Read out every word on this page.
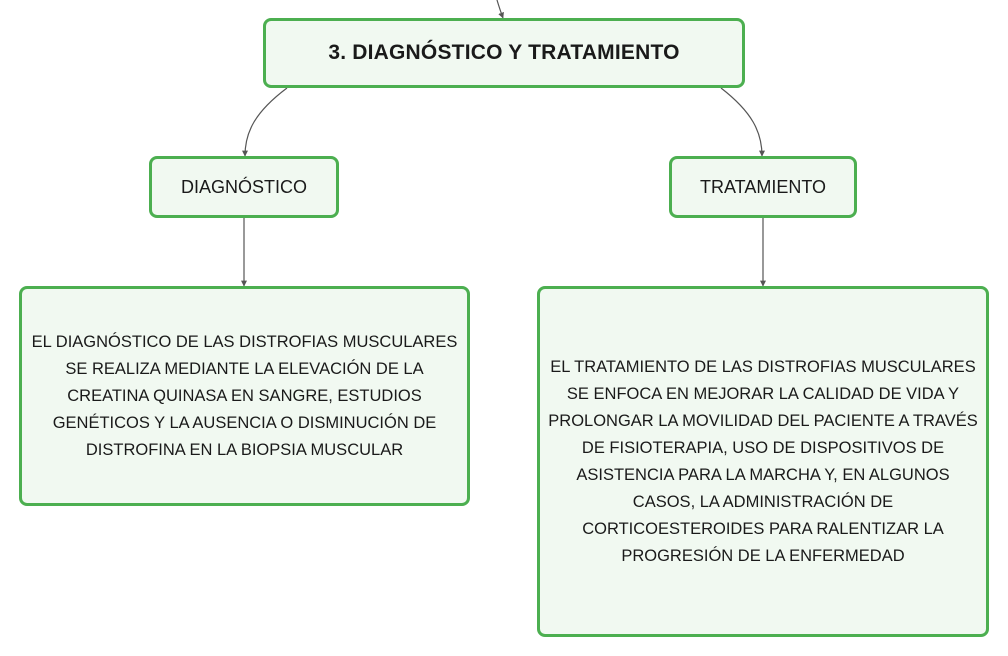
3. DIAGNÓSTICO Y TRATAMIENTO
DIAGNÓSTICO	TRATAMIENTO
EL DIAGNÓSTICO DE LAS DISTROFIAS MUSCULARES SE REALIZA MEDIANTE LA ELEVACIÓN DE LA CREATINA QUINASA EN SANGRE, ESTUDIOS GENÉTICOS Y LA AUSENCIA O DISMINUCIÓN DE DISTROFINA EN LA BIOPSIA MUSCULAR
EL TRATAMIENTO DE LAS DISTROFIAS MUSCULARES SE ENFOCA EN MEJORAR LA CALIDAD DE VIDA Y PROLONGAR LA MOVILIDAD DEL PACIENTE A TRAVÉS DE FISIOTERAPIA, USO DE DISPOSITIVOS DE ASISTENCIA PARA LA MARCHA Y, EN ALGUNOS CASOS, LA ADMINISTRACIÓN DE CORTICOESTEROIDES PARA RALENTIZAR LA PROGRESIÓN DE LA ENFERMEDAD
